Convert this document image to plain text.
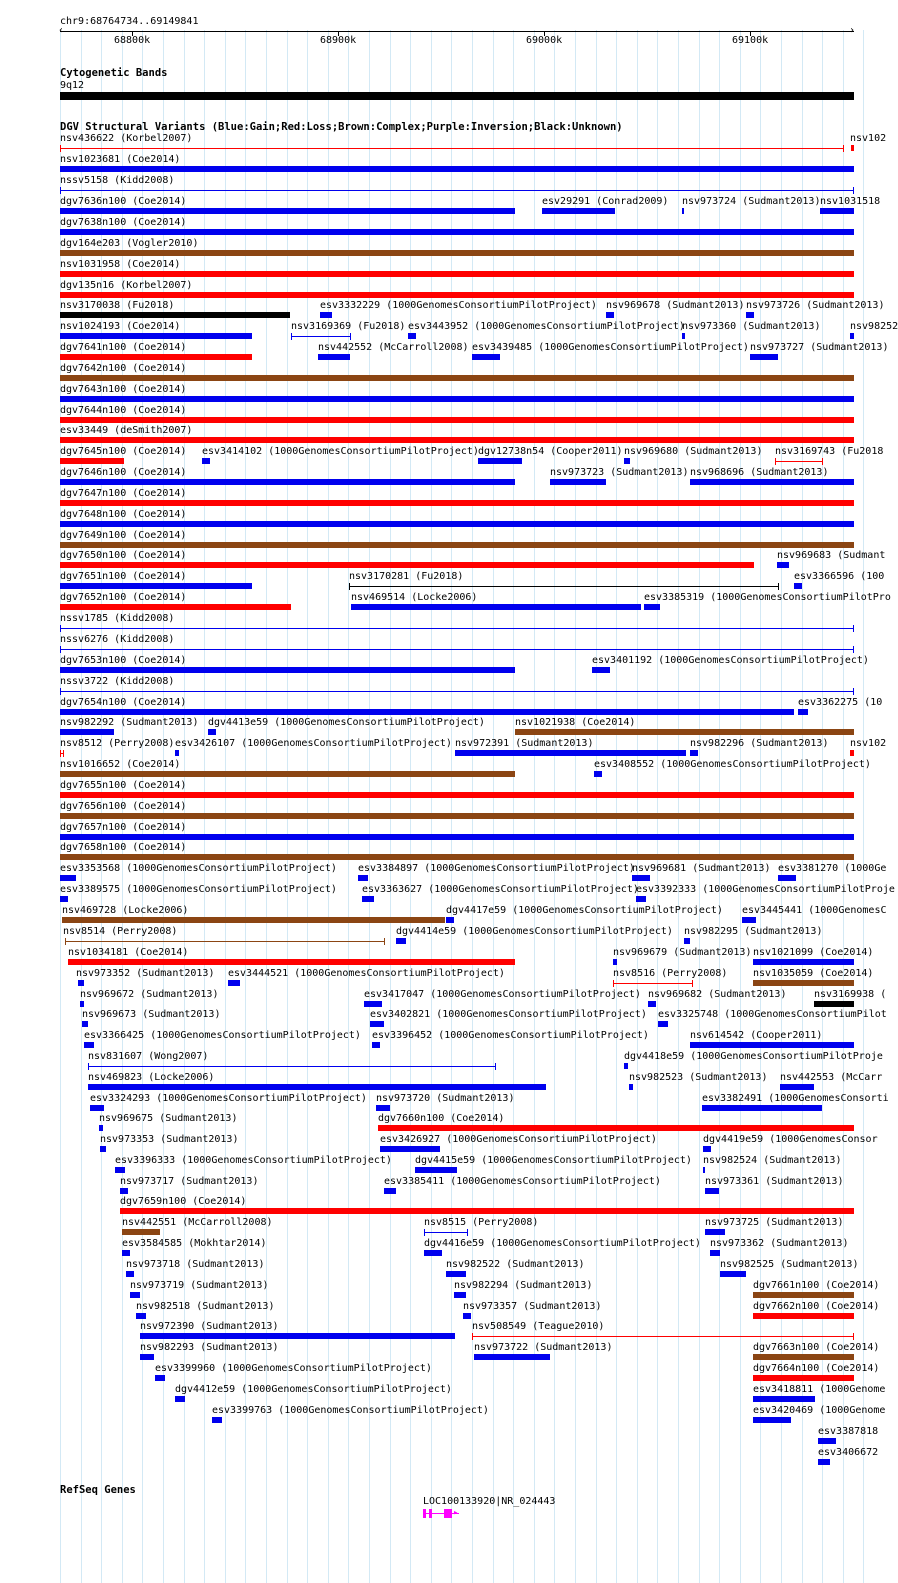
chr9:68764734..69149841
‹	›
68800k	68900k	69000k	69100k
Cytogenetic Bands
9q12
DGV Structural Variants (Blue:Gain;Red:Loss;Brown:Complex;Purple:Inversion;Black:Unknown)
nsv436622 (Korbel2007)	nsv102
nsv1023681 (Coe2014)
nssv5158 (Kidd2008)
dgv7636n100 (Coe2014)	esv29291 (Conrad2009) nsv973724 (Sudmant2013) nsv1031518
dgv7638n100 (Coe2014)
dgv164e203 (Vogler2010)
nsv1031958 (Coe2014)
dgv135n16 (Korbel2007)
nsv3170038 (Fu2018)	esv3332229 (1000GenomesConsortiumPilotProject) nsv969678 (Sudmant2013) nsv973726 (Sudmant2013)
nsv1024193 (Coe2014)	nsv3169369 (Fu2018) esv3443952 (1000GenomesConsortiumPilotProject)
nsv973360 (Sudmant2013)	nsv98252
dgv7641n100 (Coe2014)	nsv442552 (McCarroll2008) esv3439485 (1000GenomesConsortiumPilotProject) nsv973727 (Sudmant2013)
dgv7642n100 (Coe2014)
dgv7643n100 (Coe2014)
dgv7644n100 (Coe2014)
esv33449 (deSmith2007)
dgv7645n100 (Coe2014) esv3414102 (1000GenomesConsortiumPilotProject) dgv12738n54 (Cooper2011) nsv969680 (Sudmant2013) nsv3169743 (Fu2018
dgv7646n100 (Coe2014)	nsv973723 (Sudmant2013) nsv968696 (Sudmant2013)
dgv7647n100 (Coe2014)
dgv7648n100 (Coe2014)
dgv7649n100 (Coe2014)
dgv7650n100 (Coe2014)	nsv969683 (Sudmant
dgv7651n100 (Coe2014)	nsv3170281 (Fu2018)	esv3366596 (100
dgv7652n100 (Coe2014)	nsv469514 (Locke2006)	esv3385319 (1000GenomesConsortiumPilotPro
nssv1785 (Kidd2008)
nssv6276 (Kidd2008)
dgv7653n100 (Coe2014)	esv3401192 (1000GenomesConsortiumPilotProject)
nssv3722 (Kidd2008)
dgv7654n100 (Coe2014)	esv3362275 (10
nsv982292 (Sudmant2013) dgv4413e59 (1000GenomesConsortiumPilotProject)	nsv1021938 (Coe2014)
nsv8512 (Perry2008) esv3426107 (1000GenomesConsortiumPilotProject) nsv972391 (Sudmant2013)	nsv982296 (Sudmant2013) nsv102
nsv1016652 (Coe2014)	esv3408552 (1000GenomesConsortiumPilotProject)
dgv7655n100 (Coe2014)
dgv7656n100 (Coe2014)
dgv7657n100 (Coe2014)
dgv7658n100 (Coe2014)
esv3353568 (1000GenomesConsortiumPilotProject) esv3384897 (1000GenomesConsortiumPilotProject)
nsv969681 (Sudmant2013) esv3381270 (1000Ge
esv3389575 (1000GenomesConsortiumPilotProject)	esv3363627 (1000GenomesConsortiumPilotProject)
esv3392333 (1000GenomesConsortiumPilotProje
nsv469728 (Locke2006)	dgv4417e59 (1000GenomesConsortiumPilotProject) esv3445441 (1000GenomesC
nsv8514 (Perry2008)	dgv4414e59 (1000GenomesConsortiumPilotProject) nsv982295 (Sudmant2013)
nsv1034181 (Coe2014)	nsv969679 (Sudmant2013) nsv1021099 (Coe2014)
nsv973352 (Sudmant2013) esv3444521 (1000GenomesConsortiumPilotProject)	nsv8516 (Perry2008)	nsv1035059 (Coe2014)
nsv969672 (Sudmant2013)	esv3417047 (1000GenomesConsortiumPilotProject) nsv969682 (Sudmant2013)	nsv3169938 (
nsv969673 (Sudmant2013)	esv3402821 (1000GenomesConsortiumPilotProject) esv3325748 (1000GenomesConsortiumPilot
esv3366425 (1000GenomesConsortiumPilotProject) esv3396452 (1000GenomesConsortiumPilotProject)	nsv614542 (Cooper2011)
nsv831607 (Wong2007)	dgv4418e59 (1000GenomesConsortiumPilotProje
nsv469823 (Locke2006)	nsv982523 (Sudmant2013) nsv442553 (McCarr
esv3324293 (1000GenomesConsortiumPilotProject) nsv973720 (Sudmant2013)	esv3382491 (1000GenomesConsorti
nsv969675 (Sudmant2013)	dgv7660n100 (Coe2014)
nsv973353 (Sudmant2013)	esv3426927 (1000GenomesConsortiumPilotProject)	dgv4419e59 (1000GenomesConsor
esv3396333 (1000GenomesConsortiumPilotProject) dgv4415e59 (1000GenomesConsortiumPilotProject) nsv982524 (Sudmant2013)
nsv973717 (Sudmant2013)	esv3385411 (1000GenomesConsortiumPilotProject)	nsv973361 (Sudmant2013)
dgv7659n100 (Coe2014)
nsv442551 (McCarroll2008)	nsv8515 (Perry2008)	nsv973725 (Sudmant2013)
esv3584585 (Mokhtar2014)	dgv4416e59 (1000GenomesConsortiumPilotProject) nsv973362 (Sudmant2013)
nsv973718 (Sudmant2013)	nsv982522 (Sudmant2013)	nsv982525 (Sudmant2013)
nsv973719 (Sudmant2013)	nsv982294 (Sudmant2013)	dgv7661n100 (Coe2014)
nsv982518 (Sudmant2013)	nsv973357 (Sudmant2013)	dgv7662n100 (Coe2014)
nsv972390 (Sudmant2013)	nsv508549 (Teague2010)
nsv982293 (Sudmant2013)	nsv973722 (Sudmant2013)	dgv7663n100 (Coe2014)
esv3399960 (1000GenomesConsortiumPilotProject)	dgv7664n100 (Coe2014)
dgv4412e59 (1000GenomesConsortiumPilotProject)	esv3418811 (1000Genome
esv3399763 (1000GenomesConsortiumPilotProject)	esv3420469 (1000Genome
esv3387818
esv3406672
RefSeq Genes
LOC100133920|NR_024443
▸
